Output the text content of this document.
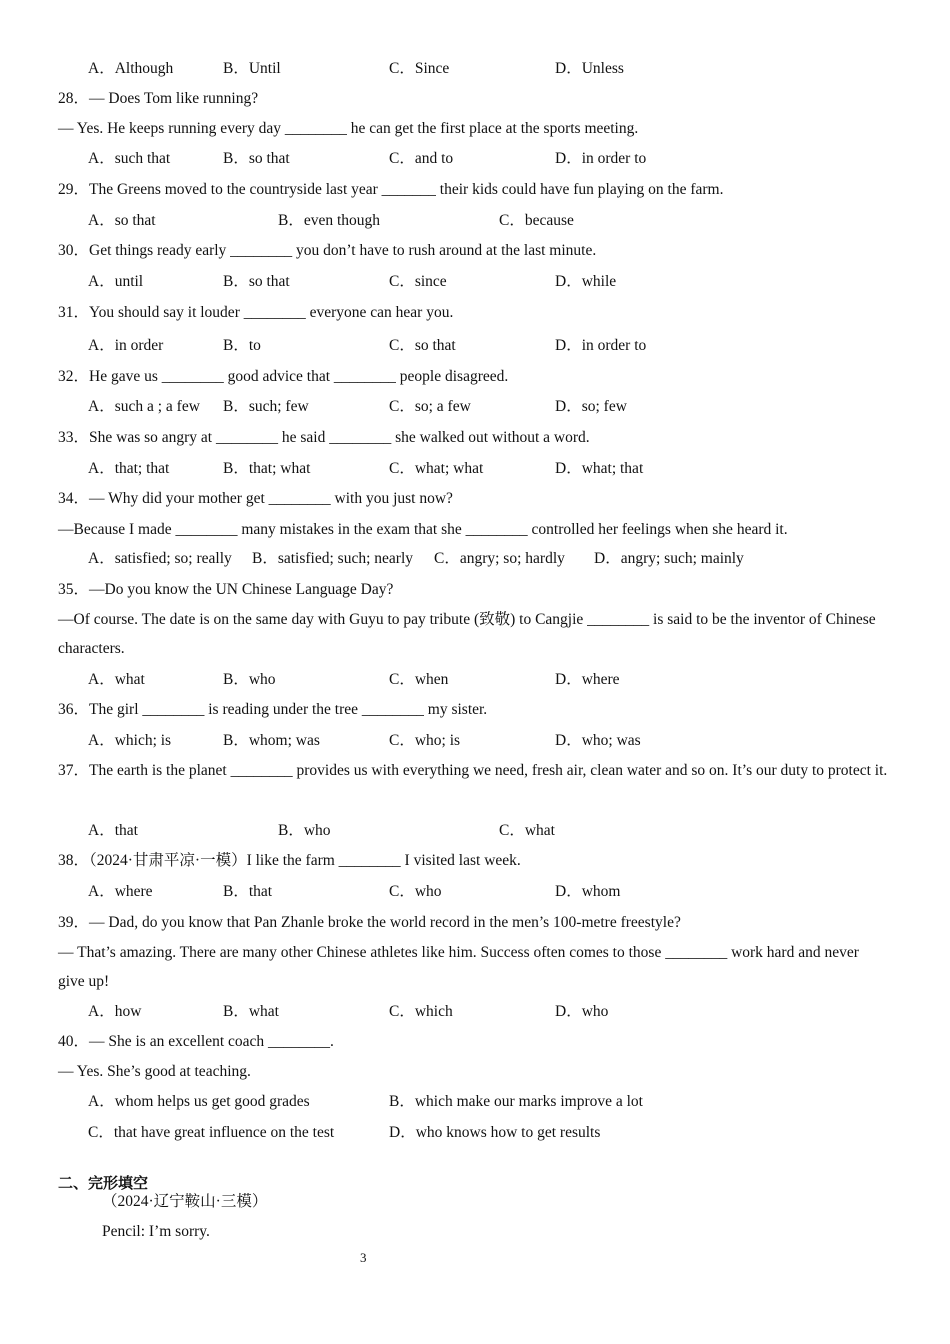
A．Although	B．Until	C．Since	D．Unless
28．— Does Tom like running?
— Yes. He keeps running every day ________ he can get the first place at the sports meeting.
A．such that	B．so that	C．and to	D．in order to
29．The Greens moved to the countryside last year _______ their kids could have fun playing on the farm.
A．so that	B．even though	C．because
30．Get things ready early ________ you don’t have to rush around at the last minute.
A．until	B．so that	C．since	D．while
31．You should say it louder ________ everyone can hear you.
A．in order	B．to	C．so that	D．in order to
32．He gave us ________ good advice that ________ people disagreed.
A．such a ; a few B．such; few	C．so; a few	D．so; few
33．She was so angry at ________ he said ________ she walked out without a word.
A．that; that	B．that; what	C．what; what	D．what; that
34．— Why did your mother get ________ with you just now?
—Because I made ________ many mistakes in the exam that she ________ controlled her feelings when she heard it.
A．satisfied; so; really B．satisfied; such; nearly C．angry; so; hardly D．angry; such; mainly
35．—Do you know the UN Chinese Language Day?
—Of course. The date is on the same day with Guyu to pay tribute (致敬) to Cangjie ________ is said to be the inventor of Chinese characters.
A．what	B．who	C．when	D．where
36．The girl ________ is reading under the tree ________ my sister.
A．which; is	B．whom; was	C．who; is	D．who; was
37．The earth is the planet ________ provides us with everything we need, fresh air, clean water and so on. It’s our duty to protect it.
A．that	B．who	C．what
38．（2024·甘肃平凉·一模）I like the farm ________ I visited last week.
A．where	B．that	C．who	D．whom
39．— Dad, do you know that Pan Zhanle broke the world record in the men’s 100-metre freestyle?
— That’s amazing. There are many other Chinese athletes like him. Success often comes to those ________ work hard and never give up!
A．how	B．what	C．which	D．who
40．— She is an excellent coach ________.
— Yes. She’s good at teaching.
A．whom helps us get good grades	B．which make our marks improve a lot
C．that have great influence on the test	D．who knows how to get results
二、完形填空
（2024·辽宁鞍山·三模）
Pencil: I’m sorry.
3
